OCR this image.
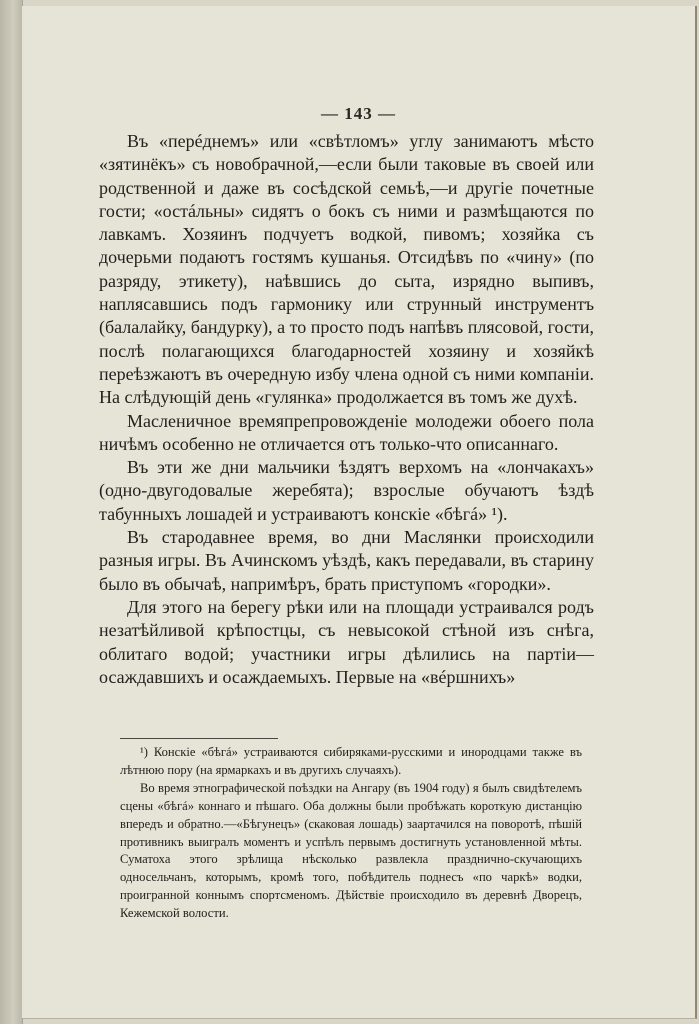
— 143 —

Въ «перéднемъ» или «свѣтломъ» углу занимаютъ мѣсто «зятинёкъ» съ новобрачной,—если были таковые въ своей или родственной и даже въ сосѣдской семьѣ,—и другіе почетные гости; «остáльны» сидятъ о бокъ съ ними и размѣщаются по лавкамъ. Хозяинъ подчуетъ водкой, пивомъ; хозяйка съ дочерьми подаютъ гостямъ кушанья. Отсидѣвъ по «чину» (по разряду, этикету), наѣвшись до сыта, изрядно выпивъ, наплясавшись подъ гармонику или струнный инструментъ (балалайку, бандурку), а то просто подъ напѣвъ плясовой, гости, послѣ полагающихся благодарностей хозяину и хозяйкѣ переѣзжаютъ въ очередную избу члена одной съ ними компаніи. На слѣдующій день «гулянка» продолжается въ томъ же духѣ.

Масленичное времяпрепровожденіе молодежи обоего пола ничѣмъ особенно не отличается отъ только-что описаннаго.

Въ эти же дни мальчики ѣздятъ верхомъ на «лончакахъ» (одно-двугодовалые жеребята); взрослые обучаютъ ѣздѣ табунныхъ лошадей и устраиваютъ конскіе «бѣгá» ¹).

Въ стародавнее время, во дни Маслянки происходили разныя игры. Въ Ачинскомъ уѣздѣ, какъ передавали, въ старину было въ обычаѣ, напримѣръ, брать приступомъ «городки».

Для этого на берегу рѣки или на площади устраивался родъ незатѣйливой крѣпостцы, съ невысокой стѣной изъ снѣга, облитаго водой; участники игры дѣлились на партіи—осаждавшихъ и осаждаемыхъ. Первые на «вéршнихъ»

¹) Конскіе «бѣгá» устраиваются сибиряками-русскими и инородцами также въ лѣтнюю пору (на ярмаркахъ и въ другихъ случаяхъ).

Во время этнографической поѣздки на Ангару (въ 1904 году) я былъ свидѣтелемъ сцены «бѣгá» коннаго и пѣшаго. Оба должны были пробѣжать короткую дистанцію впередъ и обратно.—«Бѣгунецъ» (скаковая лошадь) заартачился на поворотѣ, пѣшій противникъ выигралъ моментъ и успѣлъ первымъ достигнуть установленной мѣты. Суматоха этого зрѣлища нѣсколько развлекла празднично-скучающихъ односельчанъ, которымъ, кромѣ того, побѣдитель поднесъ «по чаркѣ» водки, проигранной коннымъ спортсменомъ. Дѣйствіе происходило въ деревнѣ Дворецъ, Кежемской волости.
